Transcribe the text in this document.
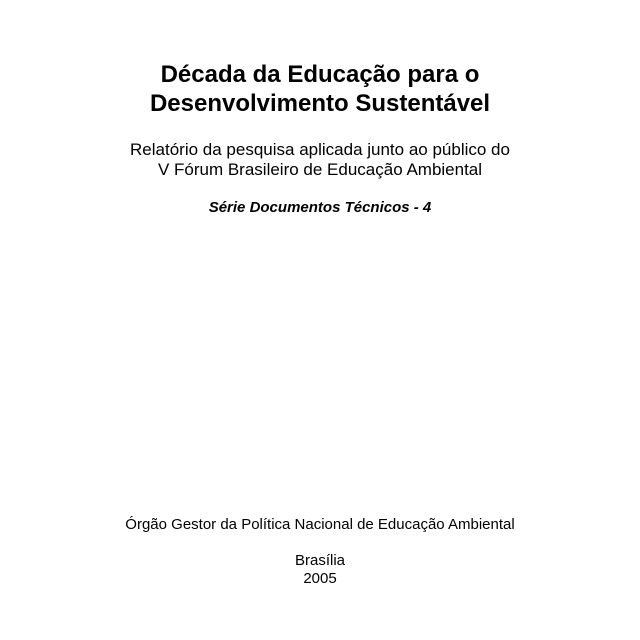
Década da Educação para o
Desenvolvimento Sustentável
Relatório da pesquisa aplicada junto ao público do
V Fórum Brasileiro de Educação Ambiental
Série Documentos Técnicos - 4
Órgão Gestor da Política Nacional de Educação Ambiental
Brasília
2005
